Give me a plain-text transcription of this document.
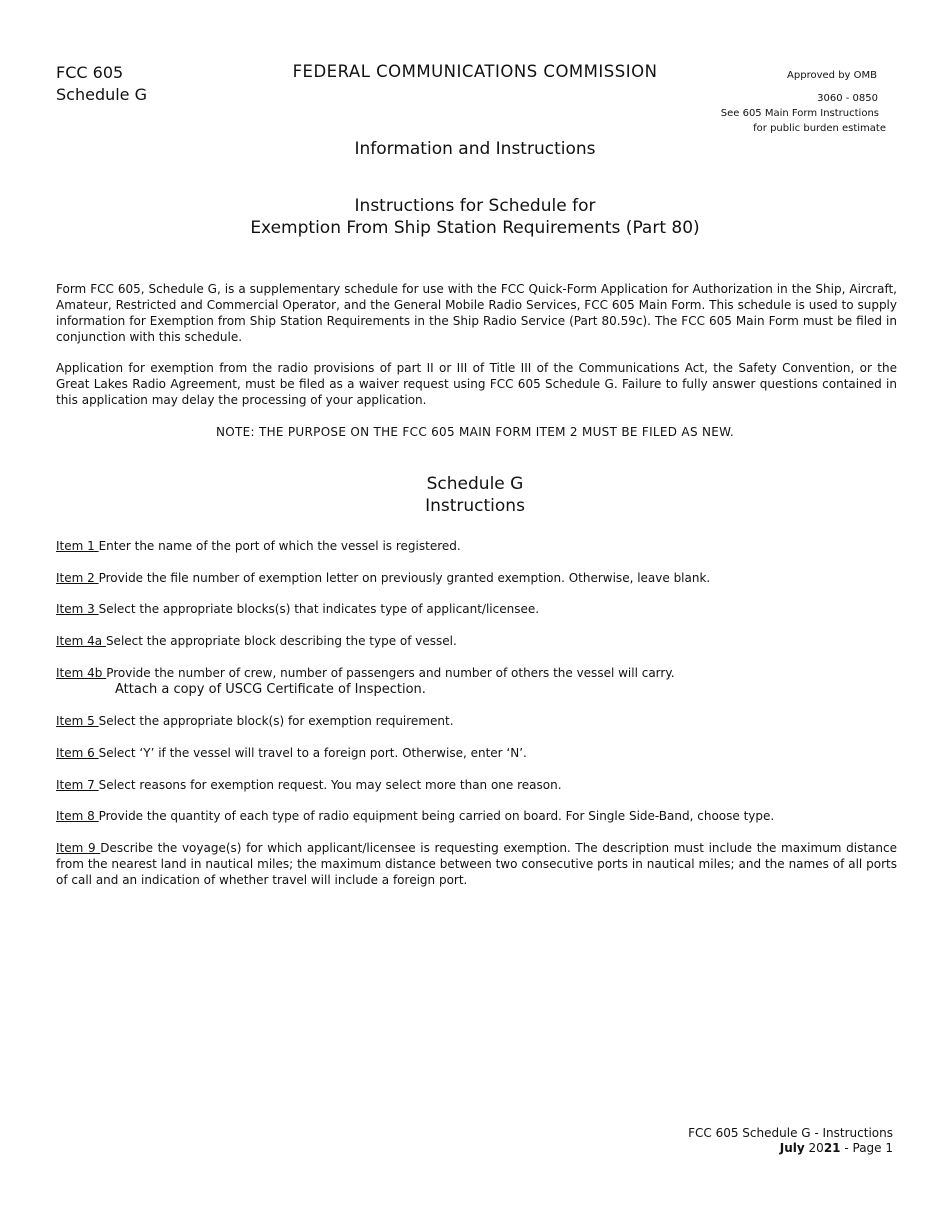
FCC 605
Schedule G
FEDERAL COMMUNICATIONS COMMISSION	Approved by OMB
3060 - 0850
See 605 Main Form Instructions
for public burden estimate
Information and Instructions
Instructions for Schedule for
Exemption From Ship Station Requirements (Part 80)

Form FCC 605, Schedule G, is a supplementary schedule for use with the FCC Quick-Form Application for Authorization in the Ship, Aircraft, Amateur, Restricted and Commercial Operator, and the General Mobile Radio Services, FCC 605 Main Form. This schedule is used to supply information for Exemption from Ship Station Requirements in the Ship Radio Service (Part 80.59c). The FCC 605 Main Form must be filed in conjunction with this schedule.

Application for exemption from the radio provisions of part II or III of Title III of the Communications Act, the Safety Convention, or the Great Lakes Radio Agreement, must be filed as a waiver request using FCC 605 Schedule G. Failure to fully answer questions contained in this application may delay the processing of your application.

NOTE: THE PURPOSE ON THE FCC 605 MAIN FORM ITEM 2 MUST BE FILED AS NEW.
Schedule G
Instructions
Item 1 Enter the name of the port of which the vessel is registered.
Item 2 Provide the file number of exemption letter on previously granted exemption. Otherwise, leave blank.
Item 3 Select the appropriate blocks(s) that indicates type of applicant/licensee.
Item 4a Select the appropriate block describing the type of vessel.
Item 4b Provide the number of crew, number of passengers and number of others the vessel will carry.
Attach a copy of USCG Certificate of Inspection.
Item 5 Select the appropriate block(s) for exemption requirement.
Item 6 Select ‘Y’ if the vessel will travel to a foreign port. Otherwise, enter ‘N’.
Item 7 Select reasons for exemption request. You may select more than one reason.
Item 8 Provide the quantity of each type of radio equipment being carried on board. For Single Side-Band, choose type.
Item 9 Describe the voyage(s) for which applicant/licensee is requesting exemption. The description must include the maximum distance from the nearest land in nautical miles; the maximum distance between two consecutive ports in nautical miles; and the names of all ports of call and an indication of whether travel will include a foreign port.
FCC 605 Schedule G - Instructions
July 2021 - Page 1
